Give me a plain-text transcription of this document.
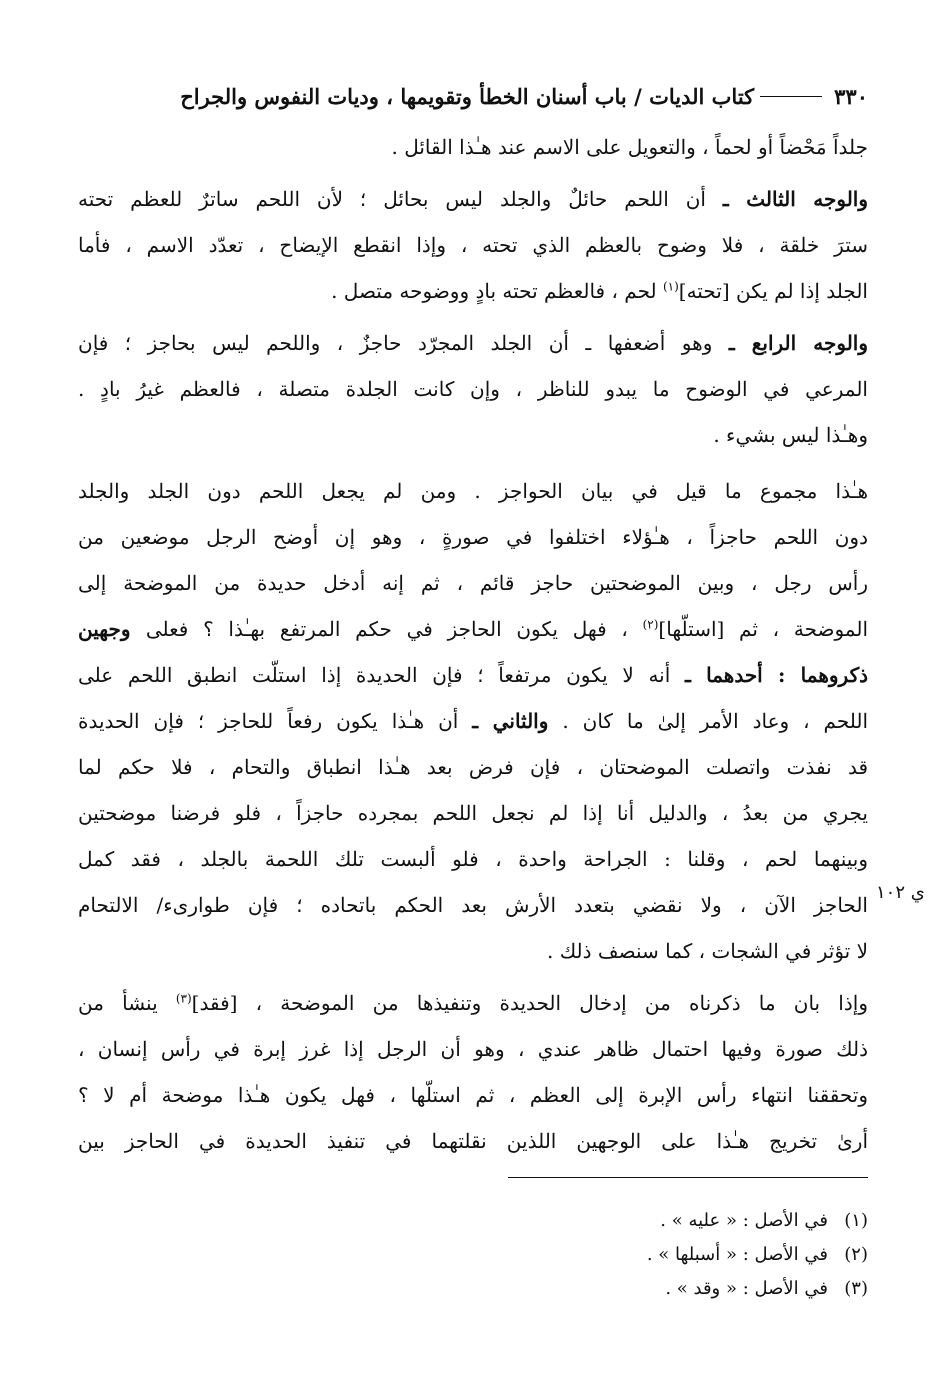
٣٣٠
كتاب الديات / باب أسنان الخطأ وتقويمها ، وديات النفوس والجراح
جلداً مَحْضاً أو لحماً ، والتعويل على الاسم عند هـٰذا القائل .
والوجه الثالث ـ أن اللحم حائلٌ والجلد ليس بحائل ؛ لأن اللحم ساترٌ للعظم تحته
سترَ خلقة ، فلا وضوح بالعظم الذي تحته ، وإذا انقطع الإيضاح ، تعدّد الاسم ، فأما
الجلد إذا لم يكن [تحته]$^{(١)}$ لحم ، فالعظم تحته بادٍ ووضوحه متصل .
والوجه الرابع ـ وهو أضعفها ـ أن الجلد المجرّد حاجزٌ ، واللحم ليس بحاجز ؛ فإن
المرعي في الوضوح ما يبدو للناظر ، وإن كانت الجلدة متصلة ، فالعظم غيرُ بادٍ .
وهـٰذا ليس بشيء .
هـٰذا مجموع ما قيل في بيان الحواجز . ومن لم يجعل اللحم دون الجلد والجلد
دون اللحم حاجزاً ، هـٰؤلاء اختلفوا في صورةٍ ، وهو إن أوضح الرجل موضعين من
رأس رجل ، وبين الموضحتين حاجز قائم ، ثم إنه أدخل حديدة من الموضحة إلى
الموضحة ، ثم [استلّها]$^{(٢)}$ ، فهل يكون الحاجز في حكم المرتفع بهـٰذا ؟ فعلى وجهين
ذكروهما : أحدهما ـ أنه لا يكون مرتفعاً ؛ فإن الحديدة إذا استلّت انطبق اللحم على
اللحم ، وعاد الأمر إلىٰ ما كان . والثاني ـ أن هـٰذا يكون رفعاً للحاجز ؛ فإن الحديدة
قد نفذت واتصلت الموضحتان ، فإن فرض بعد هـٰذا انطباق والتحام ، فلا حكم لما
يجري من بعدُ ، والدليل أنا إذا لم نجعل اللحم بمجرده حاجزاً ، فلو فرضنا موضحتين
وبينهما لحم ، وقلنا : الجراحة واحدة ، فلو ألبست تلك اللحمة بالجلد ، فقد كمل
الحاجز الآن ، ولا نقضي بتعدد الأرش بعد الحكم باتحاده ؛ فإن طوارىء/ الالتحام
لا تؤثر في الشجات ، كما سنصف ذلك .
وإذا بان ما ذكرناه من إدخال الحديدة وتنفيذها من الموضحة ، [فقد]$^{(٣)}$ ينشأ من
ذلك صورة وفيها احتمال ظاهر عندي ، وهو أن الرجل إذا غرز إبرة في رأس إنسان ،
وتحققنا انتهاء رأس الإبرة إلى العظم ، ثم استلّها ، فهل يكون هـٰذا موضحة أم لا ؟
أرىٰ تخريج هـٰذا على الوجهين اللذين نقلتهما في تنفيذ الحديدة في الحاجز بين
ي ١٠٢
(١)في الأصل : « عليه » .
(٢)في الأصل : « أسبلها » .
(٣)في الأصل : « وقد » .
